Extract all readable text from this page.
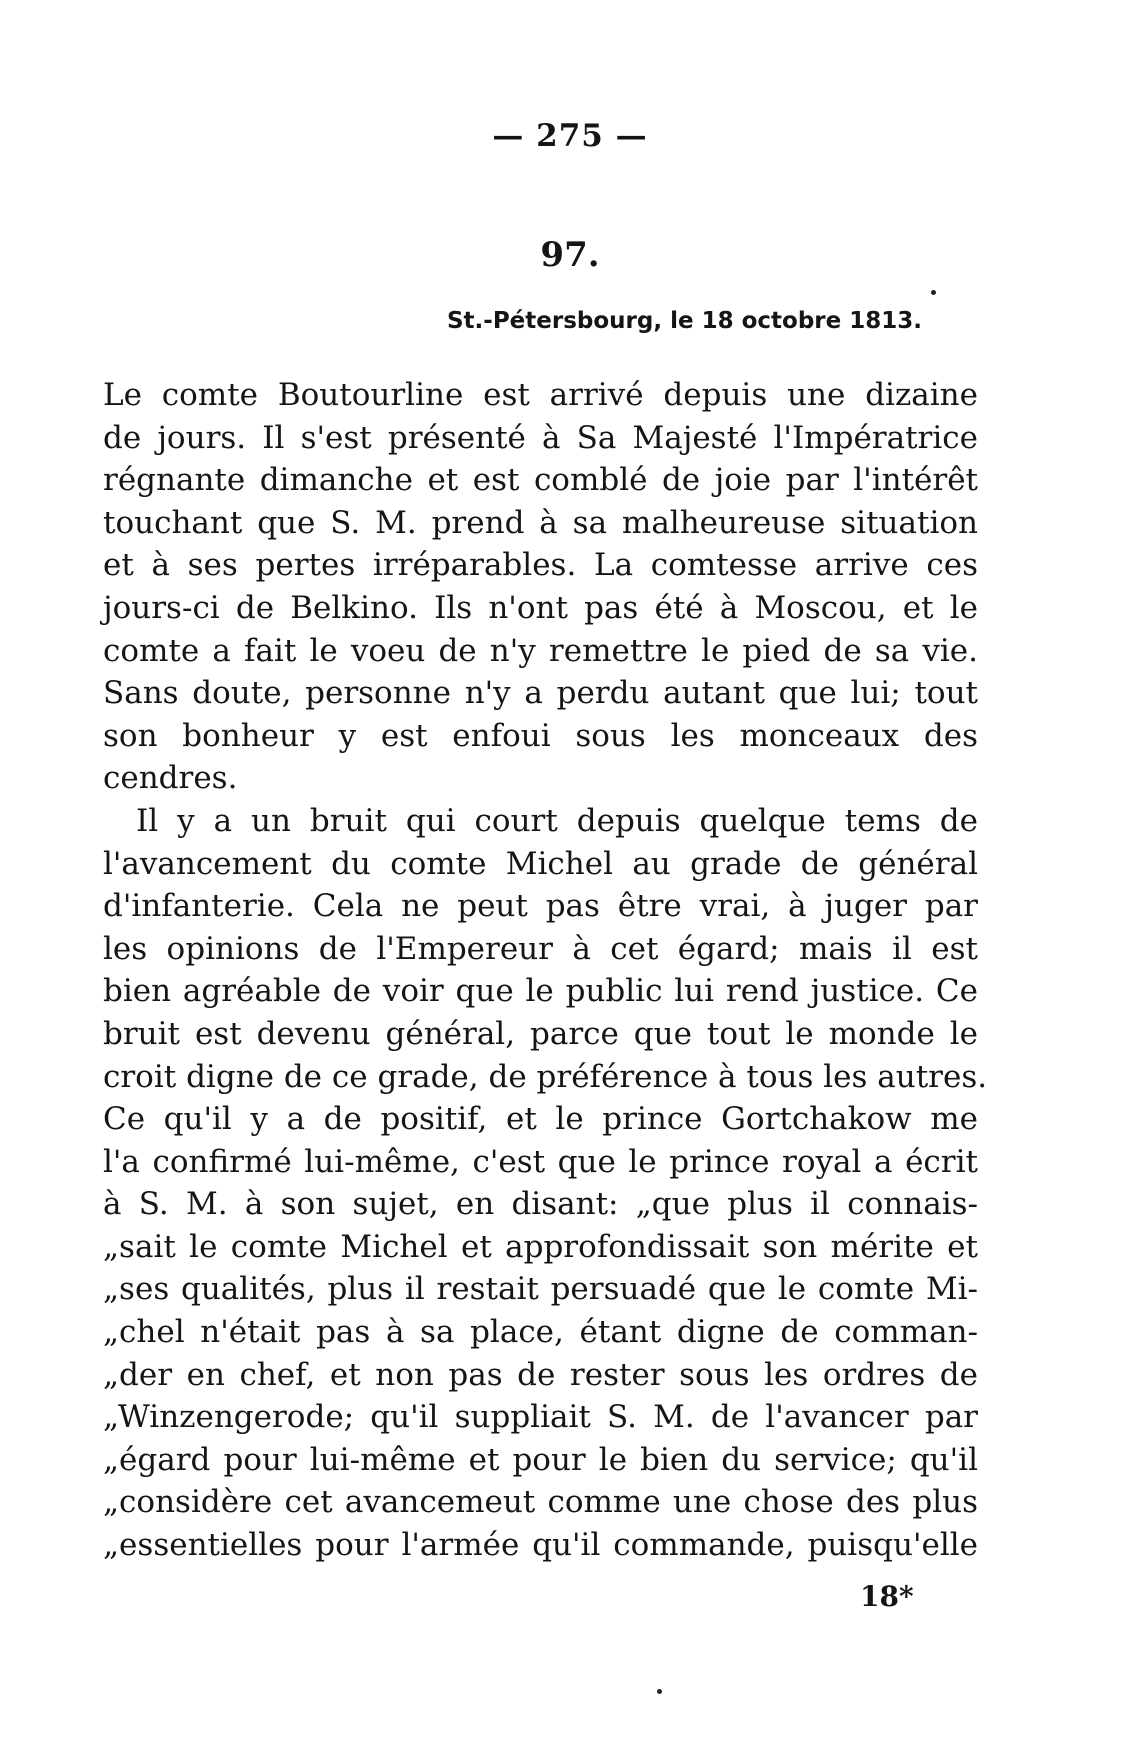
— 275 —
97.
St.-Pétersbourg, le 18 octobre 1813.
Le comte Boutourline est arrivé depuis une dizaine
de jours. Il s'est présenté à Sa Majesté l'Impératrice
régnante dimanche et est comblé de joie par l'intérêt
touchant que S. M. prend à sa malheureuse situation
et à ses pertes irréparables. La comtesse arrive ces
jours-ci de Belkino. Ils n'ont pas été à Moscou, et le
comte a fait le voeu de n'y remettre le pied de sa vie.
Sans doute, personne n'y a perdu autant que lui; tout
son bonheur y est enfoui sous les monceaux des
cendres.
Il y a un bruit qui court depuis quelque tems de
l'avancement du comte Michel au grade de général
d'infanterie. Cela ne peut pas être vrai, à juger par
les opinions de l'Empereur à cet égard; mais il est
bien agréable de voir que le public lui rend justice. Ce
bruit est devenu général, parce que tout le monde le
croit digne de ce grade, de préférence à tous les autres.
Ce qu'il y a de positif, et le prince Gortchakow me
l'a confirmé lui-même, c'est que le prince royal a écrit
à S. M. à son sujet, en disant: „que plus il connais-
„sait le comte Michel et approfondissait son mérite et
„ses qualités, plus il restait persuadé que le comte Mi-
„chel n'était pas à sa place, étant digne de comman-
„der en chef, et non pas de rester sous les ordres de
„Winzengerode; qu'il suppliait S. M. de l'avancer par
„égard pour lui-même et pour le bien du service; qu'il
„considère cet avancemeut comme une chose des plus
„essentielles pour l'armée qu'il commande, puisqu'elle
18*
